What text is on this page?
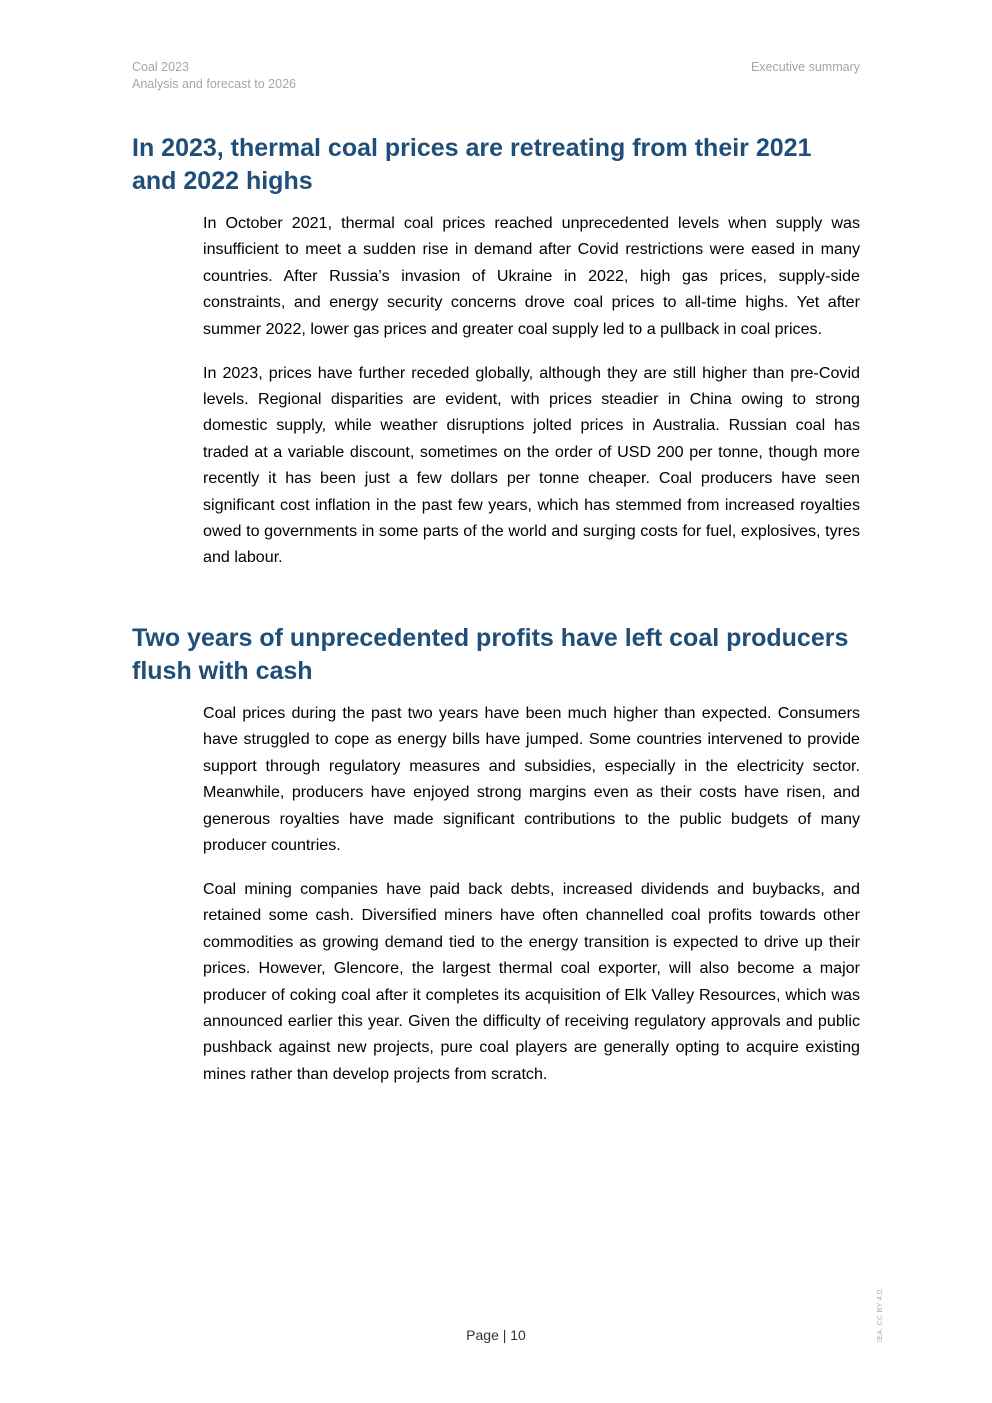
Coal 2023
Analysis and forecast to 2026
Executive summary
In 2023, thermal coal prices are retreating from their 2021 and 2022 highs

In October 2021, thermal coal prices reached unprecedented levels when supply was insufficient to meet a sudden rise in demand after Covid restrictions were eased in many countries. After Russia’s invasion of Ukraine in 2022, high gas prices, supply-side constraints, and energy security concerns drove coal prices to all-time highs. Yet after summer 2022, lower gas prices and greater coal supply led to a pullback in coal prices.

In 2023, prices have further receded globally, although they are still higher than pre-Covid levels. Regional disparities are evident, with prices steadier in China owing to strong domestic supply, while weather disruptions jolted prices in Australia. Russian coal has traded at a variable discount, sometimes on the order of USD 200 per tonne, though more recently it has been just a few dollars per tonne cheaper. Coal producers have seen significant cost inflation in the past few years, which has stemmed from increased royalties owed to governments in some parts of the world and surging costs for fuel, explosives, tyres and labour.

Two years of unprecedented profits have left coal producers flush with cash

Coal prices during the past two years have been much higher than expected. Consumers have struggled to cope as energy bills have jumped. Some countries intervened to provide support through regulatory measures and subsidies, especially in the electricity sector. Meanwhile, producers have enjoyed strong margins even as their costs have risen, and generous royalties have made significant contributions to the public budgets of many producer countries.

Coal mining companies have paid back debts, increased dividends and buybacks, and retained some cash. Diversified miners have often channelled coal profits towards other commodities as growing demand tied to the energy transition is expected to drive up their prices. However, Glencore, the largest thermal coal exporter, will also become a major producer of coking coal after it completes its acquisition of Elk Valley Resources, which was announced earlier this year. Given the difficulty of receiving regulatory approvals and public pushback against new projects, pure coal players are generally opting to acquire existing mines rather than develop projects from scratch.

Page | 10	IEA. CC BY 4.0.
